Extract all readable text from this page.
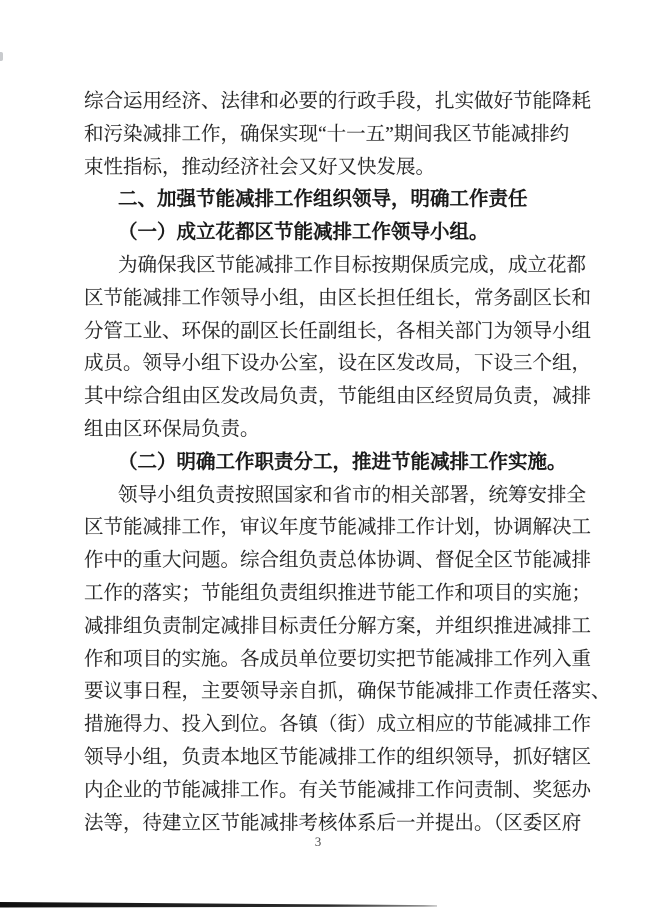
综合运用经济、法律和必要的行政手段，扎实做好节能降耗
和污染减排工作，确保实现“十一五”期间我区节能减排约
束性指标，推动经济社会又好又快发展。
二、加强节能减排工作组织领导，明确工作责任
（一）成立花都区节能减排工作领导小组。
为确保我区节能减排工作目标按期保质完成，成立花都
区节能减排工作领导小组，由区长担任组长，常务副区长和
分管工业、环保的副区长任副组长，各相关部门为领导小组
成员。领导小组下设办公室，设在区发改局，下设三个组，
其中综合组由区发改局负责，节能组由区经贸局负责，减排
组由区环保局负责。
（二）明确工作职责分工，推进节能减排工作实施。
领导小组负责按照国家和省市的相关部署，统筹安排全
区节能减排工作，审议年度节能减排工作计划，协调解决工
作中的重大问题。综合组负责总体协调、督促全区节能减排
工作的落实；节能组负责组织推进节能工作和项目的实施；
减排组负责制定减排目标责任分解方案，并组织推进减排工
作和项目的实施。各成员单位要切实把节能减排工作列入重
要议事日程，主要领导亲自抓，确保节能减排工作责任落实、
措施得力、投入到位。各镇（街）成立相应的节能减排工作
领导小组，负责本地区节能减排工作的组织领导，抓好辖区
内企业的节能减排工作。有关节能减排工作问责制、奖惩办
法等，待建立区节能减排考核体系后一并提出。（区委区府
3
